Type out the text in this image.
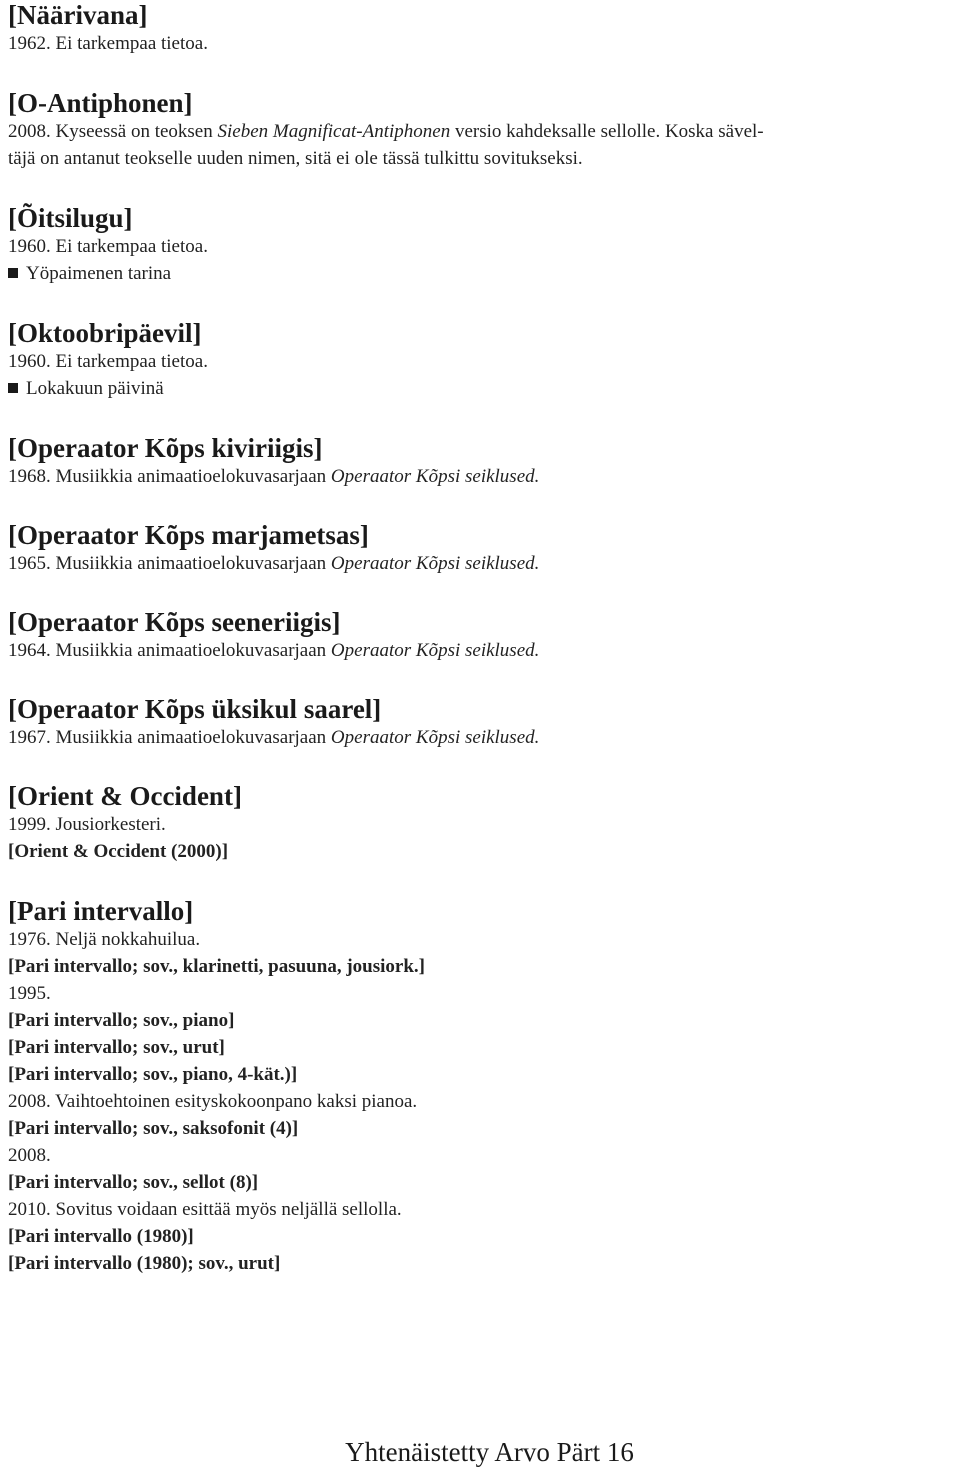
[Näärivana]

1962. Ei tarkempaa tietoa.

[O-Antiphonen]

2008. Kyseessä on teoksen Sieben Magnificat-Antiphonen versio kahdeksalle sellolle. Koska sävel-

täjä on antanut teokselle uuden nimen, sitä ei ole tässä tulkittu sovitukseksi.

[Õitsilugu]

1960. Ei tarkempaa tietoa.

Yöpaimenen tarina

[Oktoobripäevil]

1960. Ei tarkempaa tietoa.

Lokakuun päivinä

[Operaator Kõps kiviriigis]

1968. Musiikkia animaatioelokuvasarjaan Operaator Kõpsi seiklused.

[Operaator Kõps marjametsas]

1965. Musiikkia animaatioelokuvasarjaan Operaator Kõpsi seiklused.

[Operaator Kõps seeneriigis]

1964. Musiikkia animaatioelokuvasarjaan Operaator Kõpsi seiklused.

[Operaator Kõps üksikul saarel]

1967. Musiikkia animaatioelokuvasarjaan Operaator Kõpsi seiklused.

[Orient & Occident]

1999. Jousiorkesteri.

[Orient & Occident (2000)]

[Pari intervallo]

1976. Neljä nokkahuilua.

[Pari intervallo; sov., klarinetti, pasuuna, jousiork.]

1995.

[Pari intervallo; sov., piano]

[Pari intervallo; sov., urut]

[Pari intervallo; sov., piano, 4-kät.)]

2008. Vaihtoehtoinen esityskokoonpano kaksi pianoa.

[Pari intervallo; sov., saksofonit (4)]

2008.

[Pari intervallo; sov., sellot (8)]

2010. Sovitus voidaan esittää myös neljällä sellolla.

[Pari intervallo (1980)]

[Pari intervallo (1980); sov., urut]

Yhtenäistetty Arvo Pärt 16
